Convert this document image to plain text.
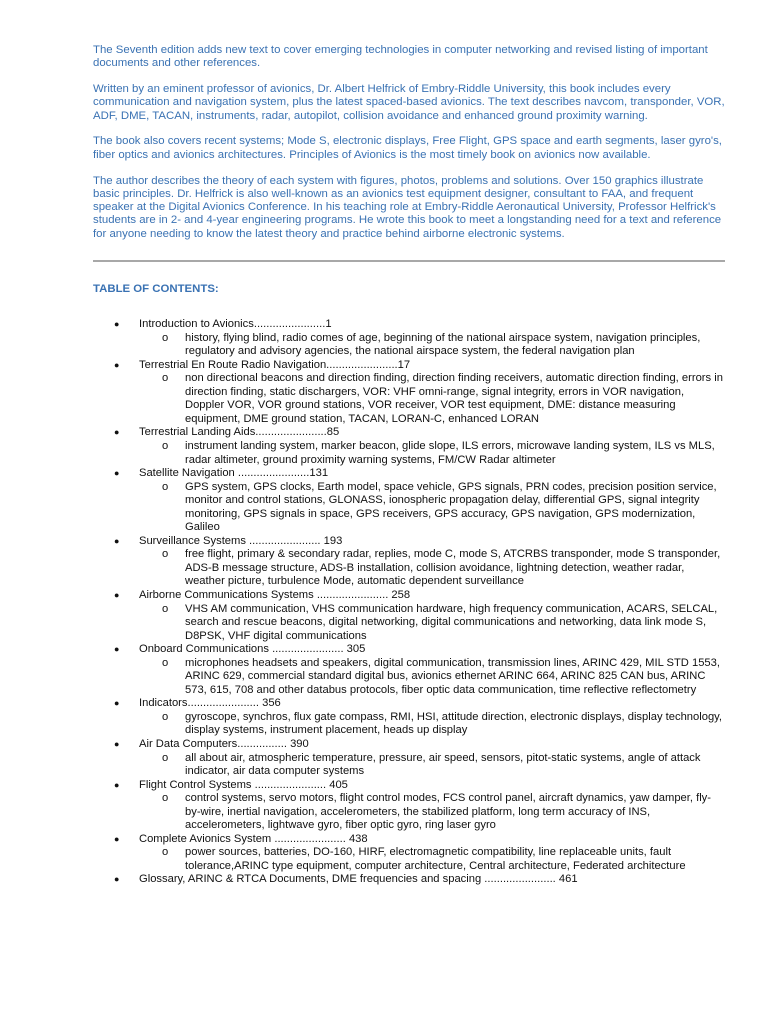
The Seventh edition adds new text to cover emerging technologies in computer networking and revised listing of important documents and other references.

Written by an eminent professor of avionics, Dr. Albert Helfrick of Embry-Riddle University, this book includes every communication and navigation system, plus the latest spaced-based avionics. The text describes navcom, transponder, VOR, ADF, DME, TACAN, instruments, radar, autopilot, collision avoidance and enhanced ground proximity warning.

The book also covers recent systems; Mode S, electronic displays, Free Flight, GPS space and earth segments, laser gyro's, fiber optics and avionics architectures. Principles of Avionics is the most timely book on avionics now available.

The author describes the theory of each system with figures, photos, problems and solutions. Over 150 graphics illustrate basic principles. Dr. Helfrick is also well-known as an avionics test equipment designer, consultant to FAA, and frequent speaker at the Digital Avionics Conference. In his teaching role at Embry-Riddle Aeronautical University, Professor Helfrick's students are in 2- and 4-year engineering programs. He wrote this book to meet a longstanding need for a text and reference for anyone needing to know the latest theory and practice behind airborne electronic systems.

TABLE OF CONTENTS:
● Introduction to Avionics.......................1
o history, flying blind, radio comes of age, beginning of the national airspace system, navigation principles, regulatory and advisory agencies, the national airspace system, the federal navigation plan
● Terrestrial En Route Radio Navigation.......................17
o non directional beacons and direction finding, direction finding receivers, automatic direction finding, errors in direction finding, static dischargers, VOR: VHF omni-range, signal integrity, errors in VOR navigation, Doppler VOR, VOR ground stations, VOR receiver, VOR test equipment, DME: distance measuring equipment, DME ground station, TACAN, LORAN-C, enhanced LORAN
● Terrestrial Landing Aids.......................85
o instrument landing system, marker beacon, glide slope, ILS errors, microwave landing system, ILS vs MLS, radar altimeter, ground proximity warning systems, FM/CW Radar altimeter
● Satellite Navigation .......................131
o GPS system, GPS clocks, Earth model, space vehicle, GPS signals, PRN codes, precision position service, monitor and control stations, GLONASS, ionospheric propagation delay, differential GPS, signal integrity monitoring, GPS signals in space, GPS receivers, GPS accuracy, GPS navigation, GPS modernization, Galileo
● Surveillance Systems ....................... 193
o free flight, primary & secondary radar, replies, mode C, mode S, ATCRBS transponder, mode S transponder, ADS-B message structure, ADS-B installation, collision avoidance, lightning detection, weather radar, weather picture, turbulence Mode, automatic dependent surveillance
● Airborne Communications Systems ....................... 258
o VHS AM communication, VHS communication hardware, high frequency communication, ACARS, SELCAL, search and rescue beacons, digital networking, digital communications and networking, data link mode S, D8PSK, VHF digital communications
● Onboard Communications ....................... 305
o microphones headsets and speakers, digital communication, transmission lines, ARINC 429, MIL STD 1553, ARINC 629, commercial standard digital bus, avionics ethernet ARINC 664, ARINC 825 CAN bus, ARINC 573, 615, 708 and other databus protocols, fiber optic data communication, time reflective reflectometry
● Indicators....................... 356
o gyroscope, synchros, flux gate compass, RMI, HSI, attitude direction, electronic displays, display technology, display systems, instrument placement, heads up display
● Air Data Computers................ 390
o all about air, atmospheric temperature, pressure, air speed, sensors, pitot-static systems, angle of attack indicator, air data computer systems
● Flight Control Systems ....................... 405
o control systems, servo motors, flight control modes, FCS control panel, aircraft dynamics, yaw damper, fly-by-wire, inertial navigation, accelerometers, the stabilized platform, long term accuracy of INS, accelerometers, lightwave gyro, fiber optic gyro, ring laser gyro
● Complete Avionics System ....................... 438
o power sources, batteries, DO-160, HIRF, electromagnetic compatibility, line replaceable units, fault tolerance,ARINC type equipment, computer architecture, Central architecture, Federated architecture
● Glossary, ARINC & RTCA Documents, DME frequencies and spacing ....................... 461
